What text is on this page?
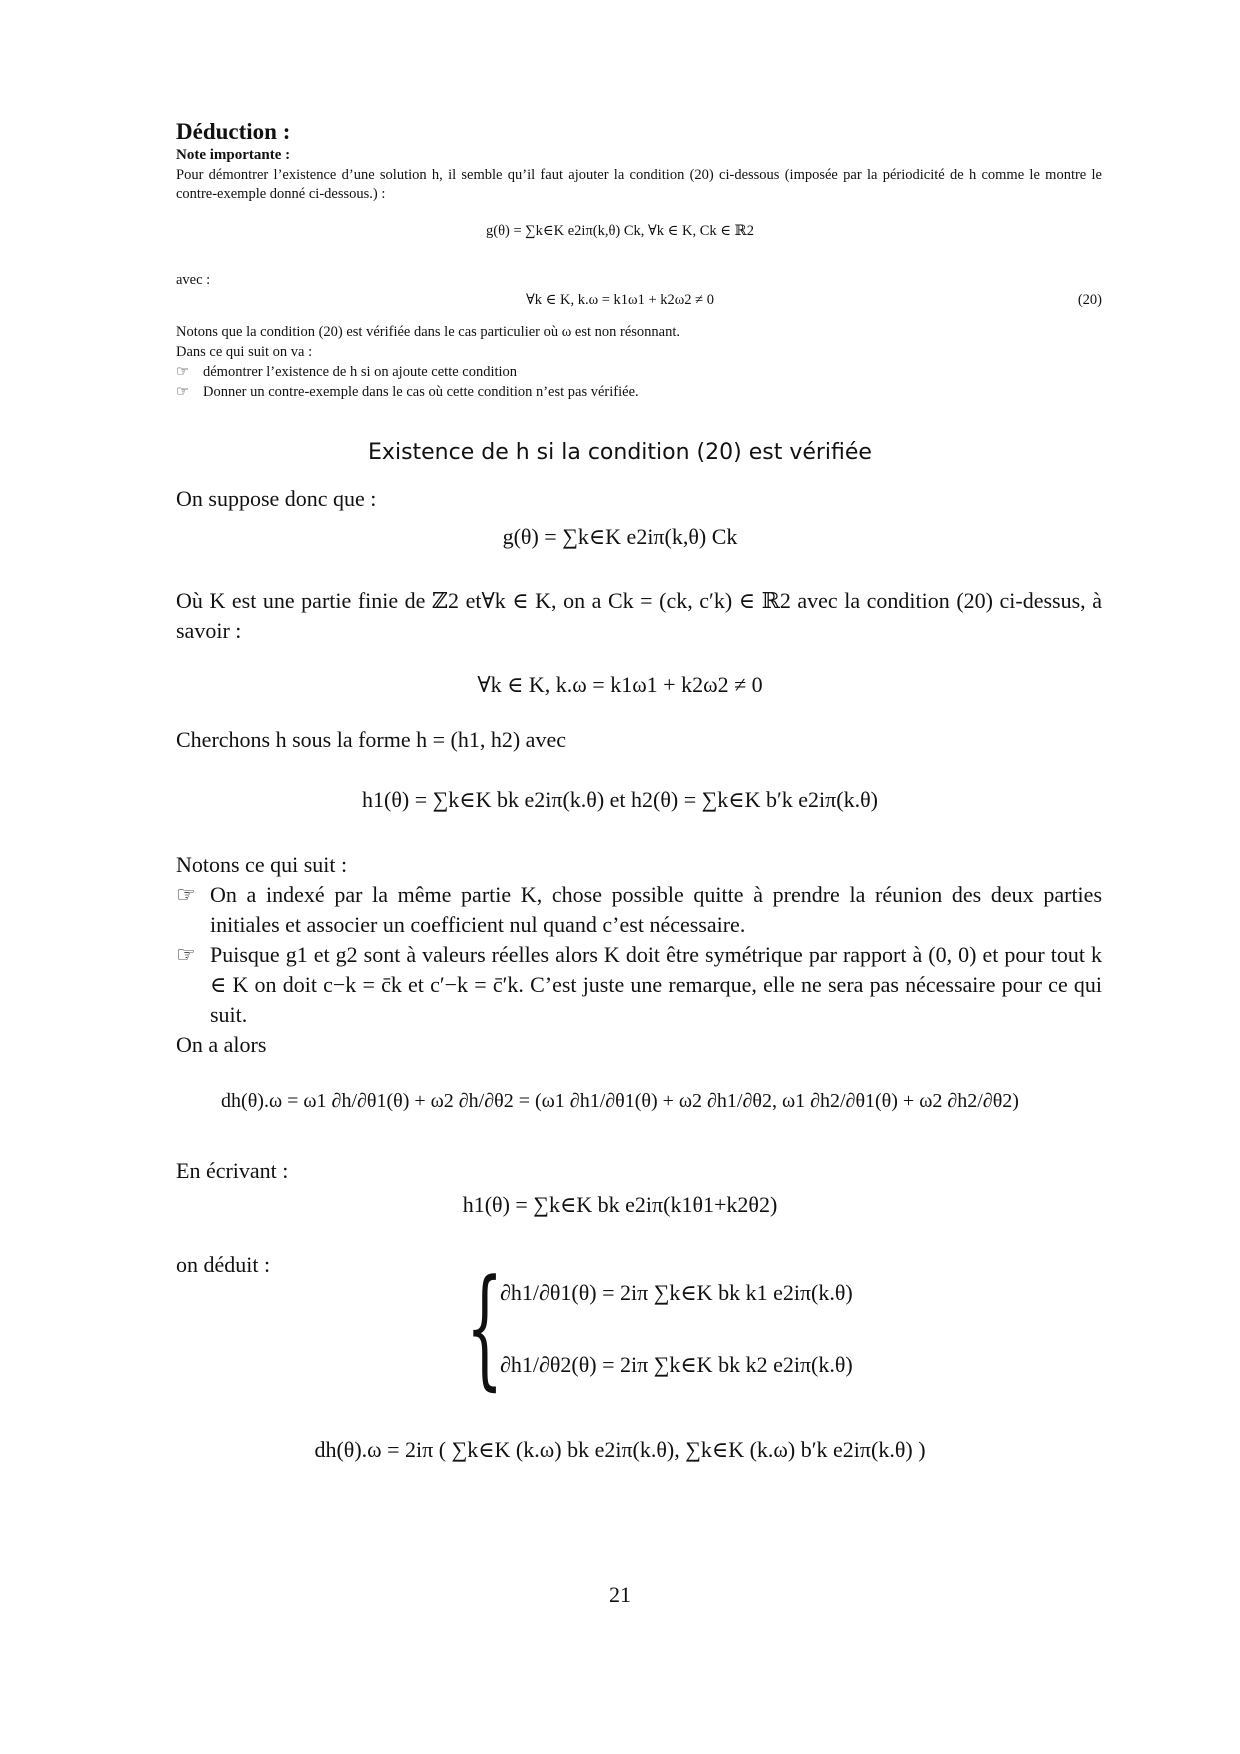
Déduction :
Note importante :
Pour démontrer l’existence d’une solution h, il semble qu’il faut ajouter la condition (20) ci-dessous (imposée par la périodicité de h comme le montre le contre-exemple donné ci-dessous.) :
g(θ) = ∑k∈K e2iπ(k,θ) Ck, ∀k ∈ K, Ck ∈ ℝ2
avec :
∀k ∈ K, k.ω = k1ω1 + k2ω2 ≠ 0	(20)
Notons que la condition (20) est vérifiée dans le cas particulier où ω est non résonnant.
Dans ce qui suit on va :
☞ démontrer l’existence de h si on ajoute cette condition
☞ Donner un contre-exemple dans le cas où cette condition n’est pas vérifiée.
Existence de h si la condition (20) est vérifiée
On suppose donc que :
g(θ) = ∑k∈K e2iπ(k,θ) Ck
Où K est une partie finie de ℤ2 et∀k ∈ K, on a Ck = (ck, c′k) ∈ ℝ2 avec la condition (20) ci-dessus, à savoir :
∀k ∈ K, k.ω = k1ω1 + k2ω2 ≠ 0
Cherchons h sous la forme h = (h1, h2) avec
h1(θ) = ∑k∈K bk e2iπ(k.θ) et h2(θ) = ∑k∈K b′k e2iπ(k.θ)
Notons ce qui suit :
☞ On a indexé par la même partie K, chose possible quitte à prendre la réunion des deux parties initiales et associer un coefficient nul quand c’est nécessaire.
☞ Puisque g1 et g2 sont à valeurs réelles alors K doit être symétrique par rapport à (0, 0) et pour tout k ∈ K on doit c−k = c̄k et c′−k = c̄′k. C’est juste une remarque, elle ne sera pas nécessaire pour ce qui suit.
On a alors
dh(θ).ω = ω1 ∂h/∂θ1(θ) + ω2 ∂h/∂θ2 = (ω1 ∂h1/∂θ1(θ) + ω2 ∂h1/∂θ2, ω1 ∂h2/∂θ1(θ) + ω2 ∂h2/∂θ2)
En écrivant :
h1(θ) = ∑k∈K bk e2iπ(k1θ1+k2θ2)
on déduit : {
∂h1/∂θ1(θ) = 2iπ ∑k∈K bk k1 e2iπ(k.θ)
∂h1/∂θ2(θ) = 2iπ ∑k∈K bk k2 e2iπ(k.θ)
dh(θ).ω = 2iπ ( ∑k∈K (k.ω) bk e2iπ(k.θ), ∑k∈K (k.ω) b′k e2iπ(k.θ) )
21
